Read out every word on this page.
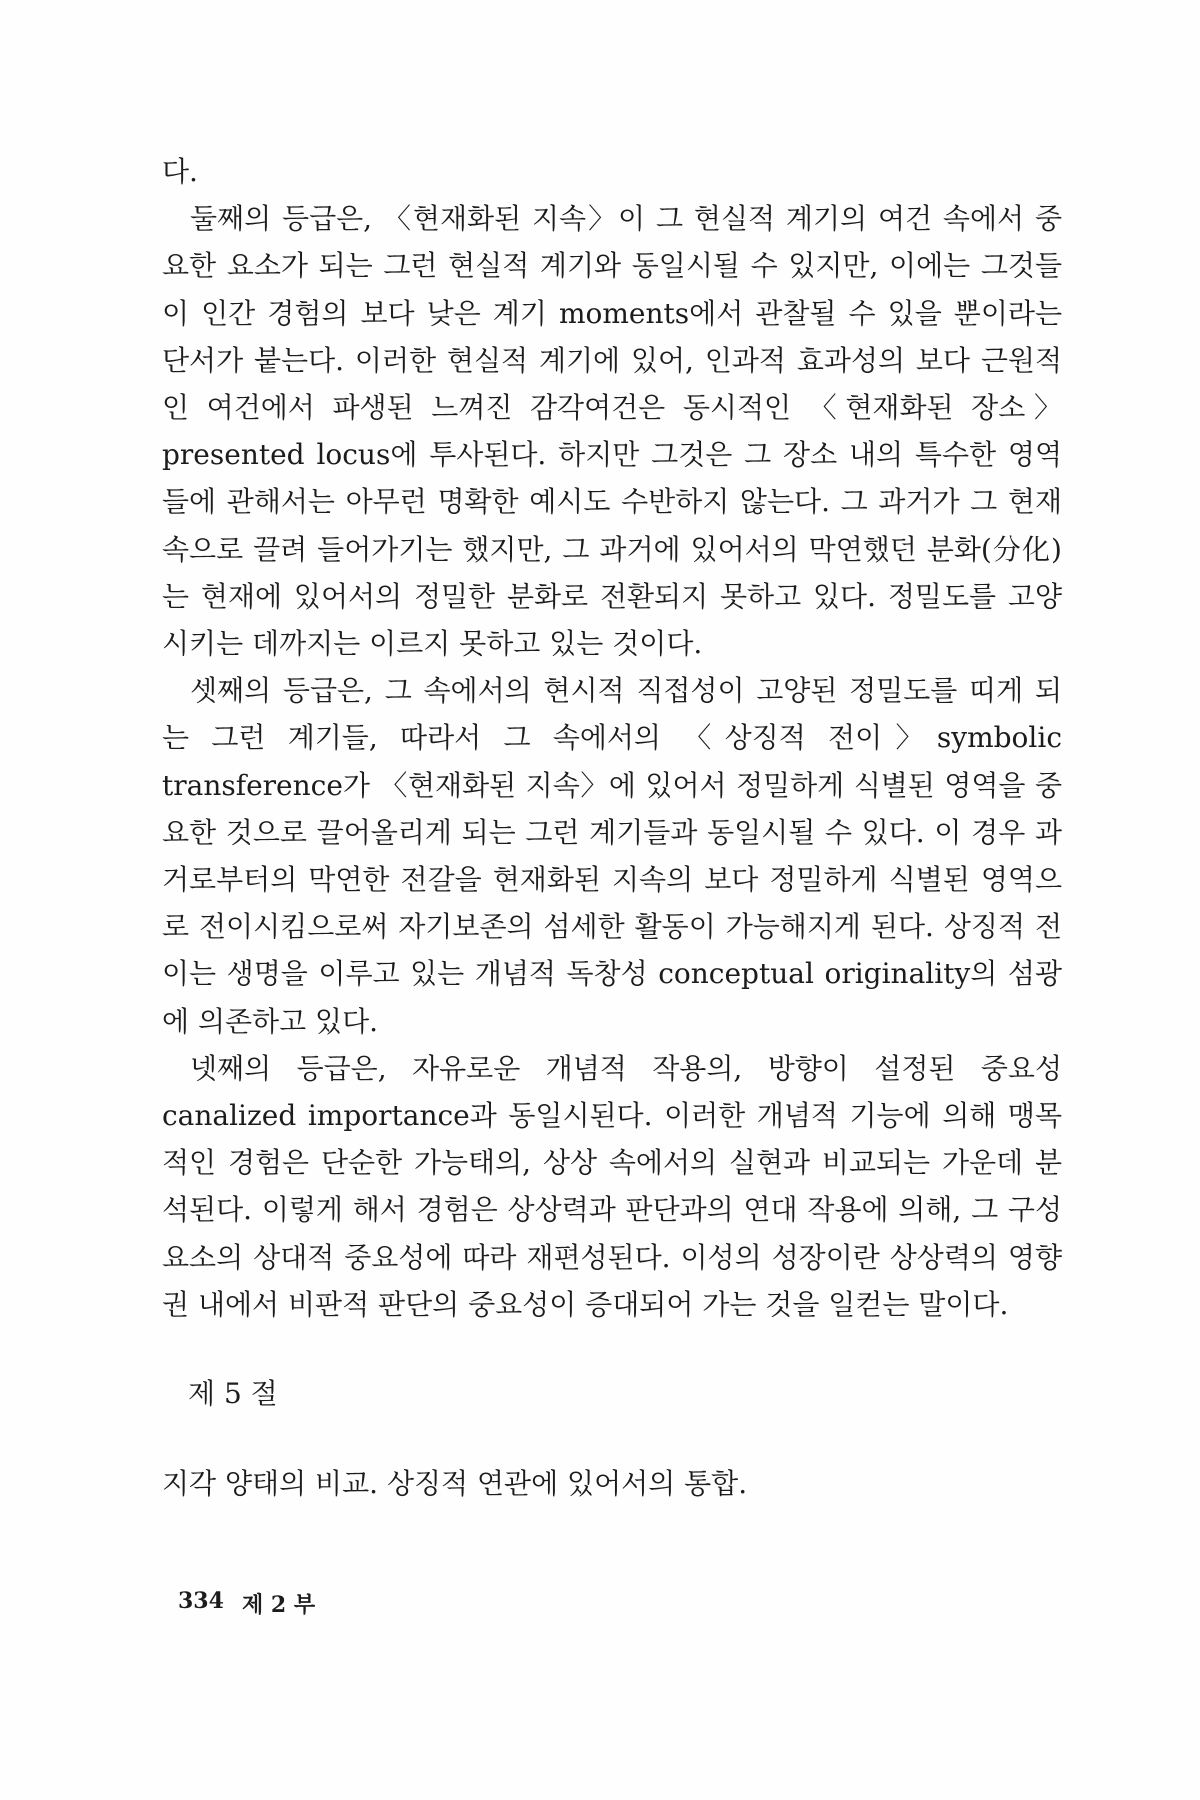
다.

둘째의 등급은, 〈현재화된 지속〉이 그 현실적 계기의 여건 속에서 중요한 요소가 되는 그런 현실적 계기와 동일시될 수 있지만, 이에는 그것들이 인간 경험의 보다 낮은 계기 moments에서 관찰될 수 있을 뿐이라는 단서가 붙는다. 이러한 현실적 계기에 있어, 인과적 효과성의 보다 근원적인 여건에서 파생된 느껴진 감각여건은 동시적인 〈현재화된 장소〉presented locus에 투사된다. 하지만 그것은 그 장소 내의 특수한 영역들에 관해서는 아무런 명확한 예시도 수반하지 않는다. 그 과거가 그 현재 속으로 끌려 들어가기는 했지만, 그 과거에 있어서의 막연했던 분화(分化)는 현재에 있어서의 정밀한 분화로 전환되지 못하고 있다. 정밀도를 고양시키는 데까지는 이르지 못하고 있는 것이다.

셋째의 등급은, 그 속에서의 현시적 직접성이 고양된 정밀도를 띠게 되는 그런 계기들, 따라서 그 속에서의 〈상징적 전이〉symbolic transference가 〈현재화된 지속〉에 있어서 정밀하게 식별된 영역을 중요한 것으로 끌어올리게 되는 그런 계기들과 동일시될 수 있다. 이 경우 과거로부터의 막연한 전갈을 현재화된 지속의 보다 정밀하게 식별된 영역으로 전이시킴으로써 자기보존의 섬세한 활동이 가능해지게 된다. 상징적 전이는 생명을 이루고 있는 개념적 독창성 conceptual originality의 섬광에 의존하고 있다.

넷째의 등급은, 자유로운 개념적 작용의, 방향이 설정된 중요성 canalized importance과 동일시된다. 이러한 개념적 기능에 의해 맹목적인 경험은 단순한 가능태의, 상상 속에서의 실현과 비교되는 가운데 분석된다. 이렇게 해서 경험은 상상력과 판단과의 연대 작용에 의해, 그 구성 요소의 상대적 중요성에 따라 재편성된다. 이성의 성장이란 상상력의 영향권 내에서 비판적 판단의 중요성이 증대되어 가는 것을 일컫는 말이다.

제 5 절
지각 양태의 비교. 상징적 연관에 있어서의 통합.
334 제 2 부
